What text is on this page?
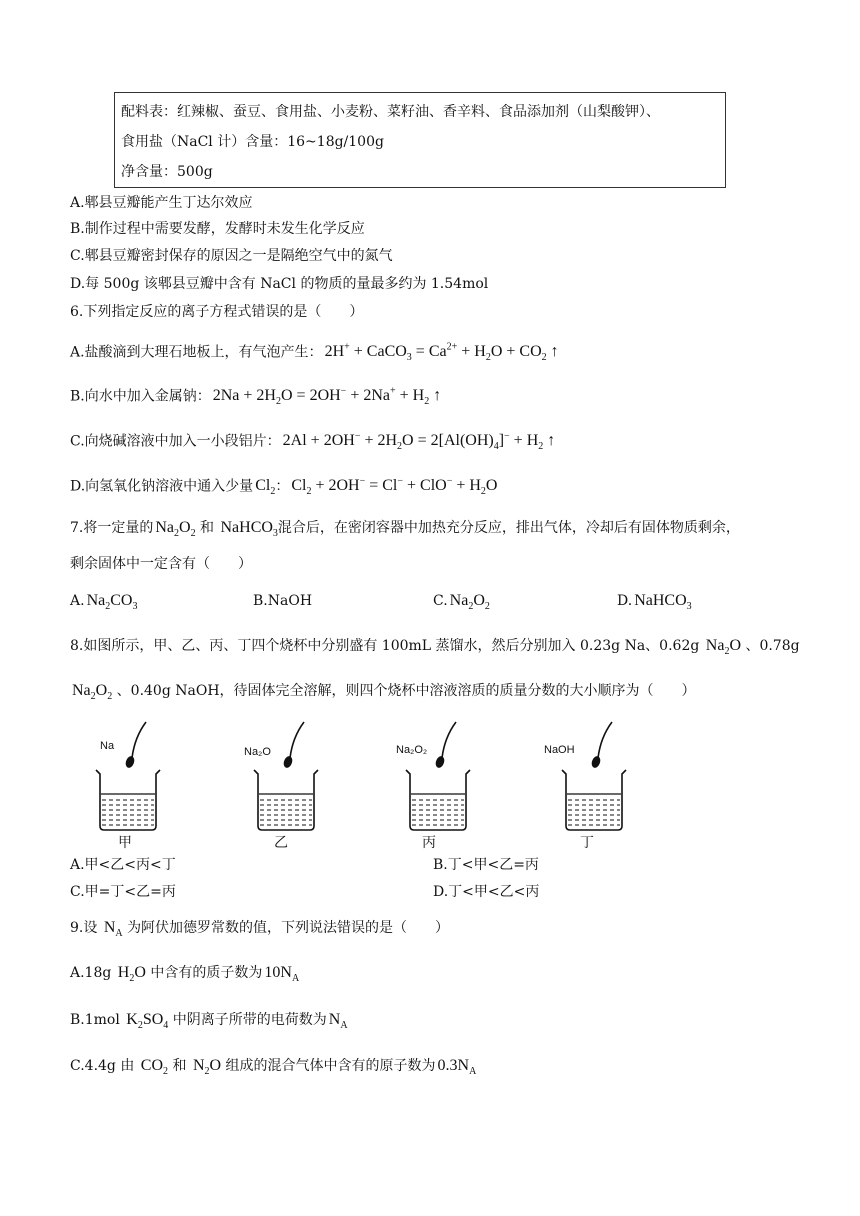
配料表：红辣椒、蚕豆、食用盐、小麦粉、菜籽油、香辛料、食品添加剂（山梨酸钾）、
食用盐（NaCl 计）含量：16~18g/100g
净含量：500g
A.郫县豆瓣能产生丁达尔效应
B.制作过程中需要发酵，发酵时未发生化学反应
C.郫县豆瓣密封保存的原因之一是隔绝空气中的氮气
D.每 500g 该郫县豆瓣中含有 NaCl 的物质的量最多约为 1.54mol
6.下列指定反应的离子方程式错误的是（　　）
A.盐酸滴到大理石地板上，有气泡产生： 2H+ + CaCO$_3$ = $Ca^{2+} + H_2O + CO_2$ ↑
B.向水中加入金属钠： $2Na + 2H_2O = 2OH^- + 2Na^+ + H_2$ ↑
C.向烧碱溶液中加入一小段铝片： $2Al + 2OH^- + 2H_2O = 2[Al(OH)_4]^- + H_2$ ↑
D.向氢氧化钠溶液中通入少量 $Cl_2$： $Cl_2 + 2OH^- = Cl^- + ClO^- + H_2O$
7.将一定量的 $Na_2O_2$ 和 NaHCO$_3$混合后，在密闭容器中加热充分反应，排出气体，冷却后有固体物质剩余，
剩余固体中一定含有（　　）
A. $Na_2CO_3$	B.NaOH	C. $Na_2O_2$	D. NaHCO$_3$
8.如图所示，甲、乙、丙、丁四个烧杯中分别盛有 100mL 蒸馏水，然后分别加入 0.23g Na、0.62g $Na_2O$ 、0.78g
$Na_2O_2$ 、0.40g NaOH，待固体完全溶解，则四个烧杯中溶液溶质的质量分数的大小顺序为（　　）
Na
甲
Na₂O
乙
Na₂O₂
丙
NaOH
丁
A.甲<乙<丙<丁	B.丁<甲<乙=丙
C.甲=丁<乙=丙	D.丁<甲<乙<丙
9.设 $N_A$ 为阿伏加德罗常数的值，下列说法错误的是（　　）
A.18g $H_2O$ 中含有的质子数为 $10N_A$
B.1mol $K_2SO_4$ 中阴离子所带的电荷数为 $N_A$
C.4.4g 由 $CO_2$ 和 $N_2O$ 组成的混合气体中含有的原子数为 $0.3N_A$
